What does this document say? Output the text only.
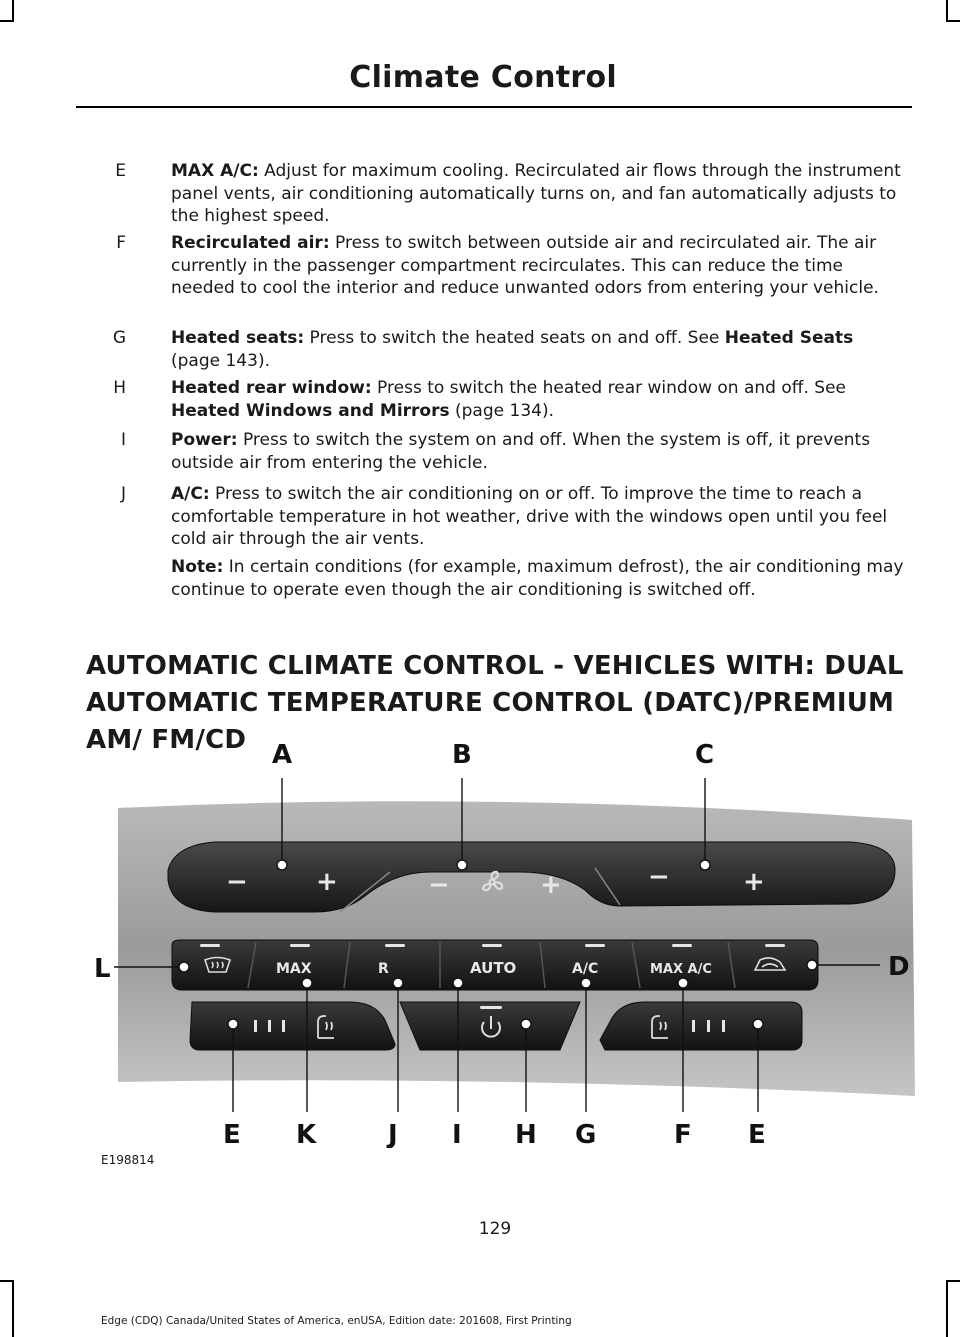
Climate Control
E	MAX A/C: Adjust for maximum cooling. Recirculated air flows through the instrument panel vents, air conditioning automatically turns on, and fan automatically adjusts to the highest speed.

F	Recirculated air: Press to switch between outside air and recirculated air. The air currently in the passenger compartment recirculates. This can reduce the time needed to cool the interior and reduce unwanted odors from entering your vehicle.

G	Heated seats: Press to switch the heated seats on and off. See Heated Seats (page 143).

H	Heated rear window: Press to switch the heated rear window on and off. See Heated Windows and Mirrors (page 134).

I	Power: Press to switch the system on and off. When the system is off, it prevents outside air from entering the vehicle.

J	A/C: Press to switch the air conditioning on or off. To improve the time to reach a comfortable temperature in hot weather, drive with the windows open until you feel cold air through the air vents.

Note: In certain conditions (for example, maximum defrost), the air conditioning may continue to operate even though the air conditioning is switched off.

AUTOMATIC CLIMATE CONTROL - VEHICLES WITH: DUAL AUTOMATIC TEMPERATURE CONTROL (DATC)/PREMIUM AM/ FM/CD
−	+	−	+	−	+
MAX	R	AUTO	A/C	MAX A/C
A	B	C
L	D
E K	J I H G	F E
E198814
129
Edge (CDQ) Canada/United States of America, enUSA, Edition date: 201608, First Printing
